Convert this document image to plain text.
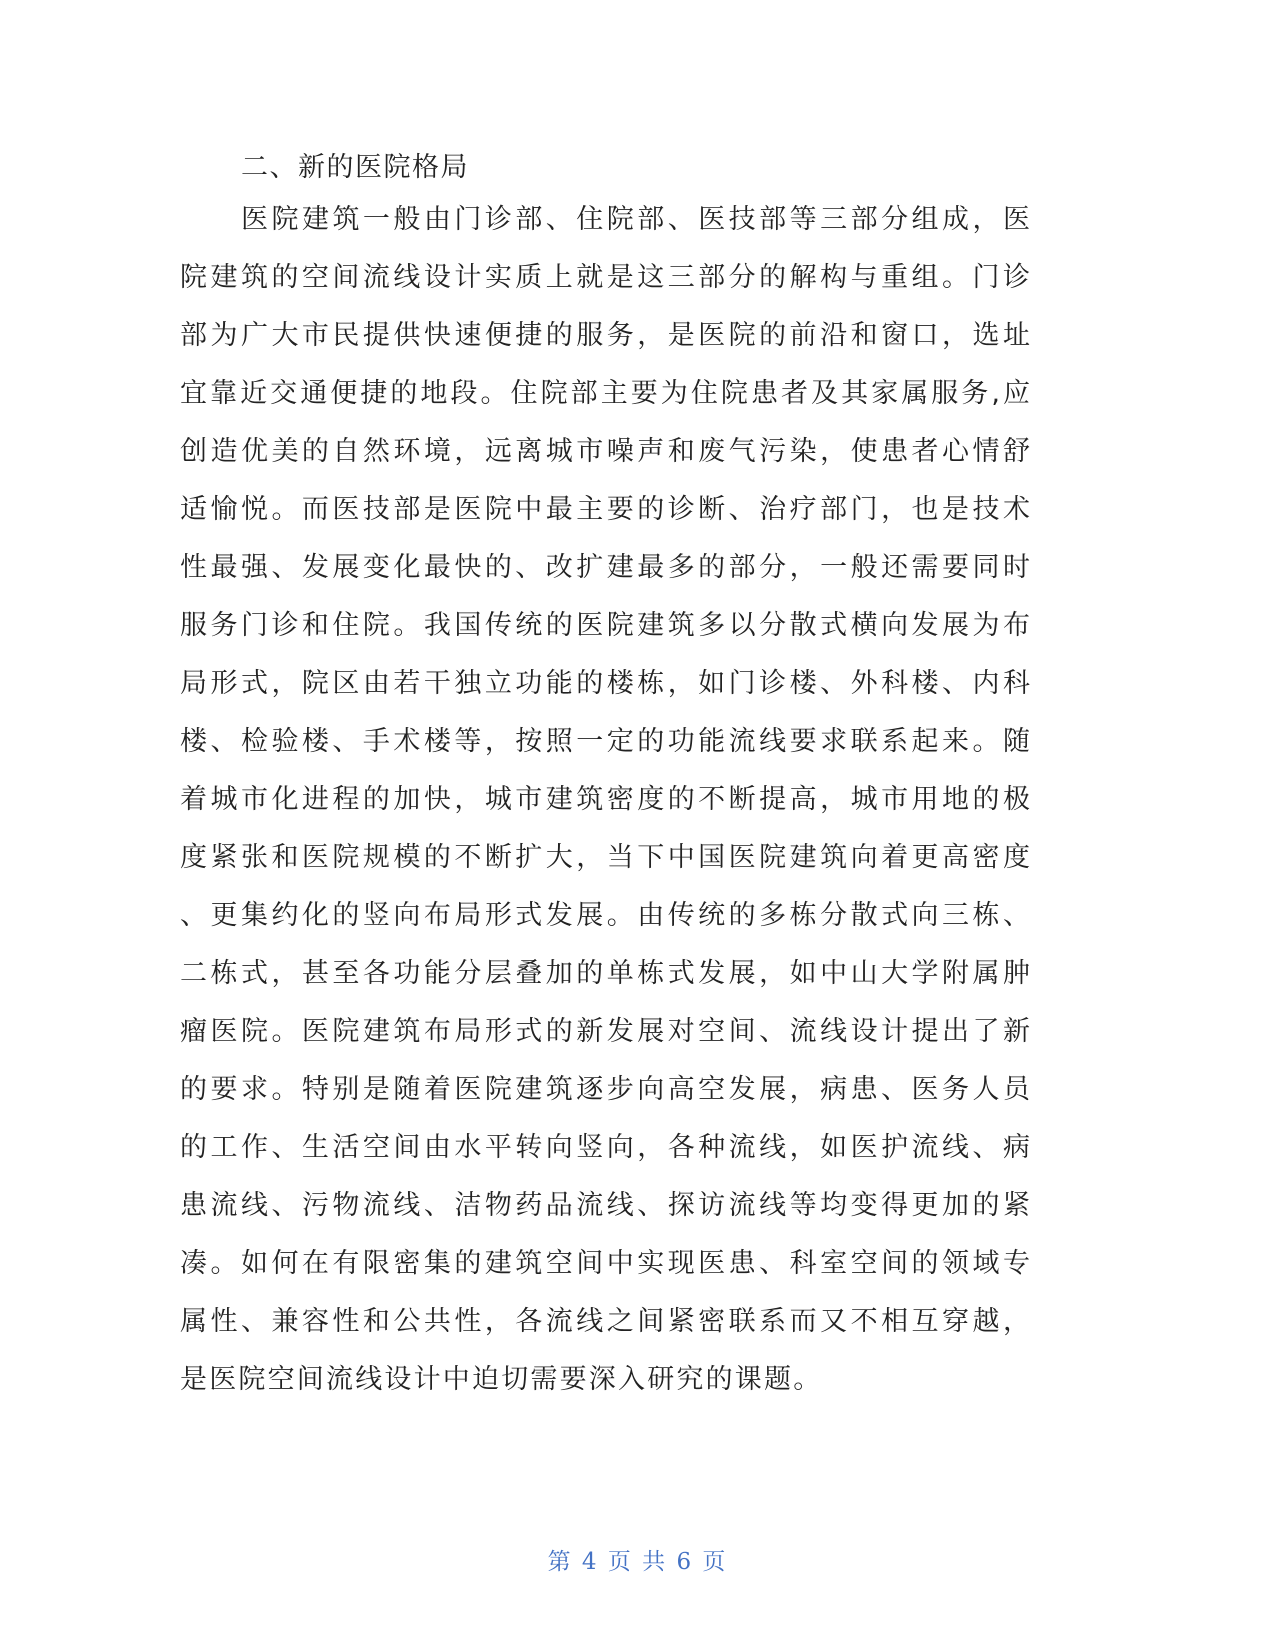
二、新的医院格局
医院建筑一般由门诊部、住院部、医技部等三部分组成，医
院建筑的空间流线设计实质上就是这三部分的解构与重组。门诊
部为广大市民提供快速便捷的服务，是医院的前沿和窗口，选址
宜靠近交通便捷的地段。住院部主要为住院患者及其家属服务,应
创造优美的自然环境，远离城市噪声和废气污染，使患者心情舒
适愉悦。而医技部是医院中最主要的诊断、治疗部门，也是技术
性最强、发展变化最快的、改扩建最多的部分，一般还需要同时
服务门诊和住院。我国传统的医院建筑多以分散式横向发展为布
局形式，院区由若干独立功能的楼栋，如门诊楼、外科楼、内科
楼、检验楼、手术楼等，按照一定的功能流线要求联系起来。随
着城市化进程的加快，城市建筑密度的不断提高，城市用地的极
度紧张和医院规模的不断扩大，当下中国医院建筑向着更高密度
、更集约化的竖向布局形式发展。由传统的多栋分散式向三栋、
二栋式，甚至各功能分层叠加的单栋式发展，如中山大学附属肿
瘤医院。医院建筑布局形式的新发展对空间、流线设计提出了新
的要求。特别是随着医院建筑逐步向高空发展，病患、医务人员
的工作、生活空间由水平转向竖向，各种流线，如医护流线、病
患流线、污物流线、洁物药品流线、探访流线等均变得更加的紧
凑。如何在有限密集的建筑空间中实现医患、科室空间的领域专
属性、兼容性和公共性，各流线之间紧密联系而又不相互穿越，
是医院空间流线设计中迫切需要深入研究的课题。
第 4 页 共 6 页
